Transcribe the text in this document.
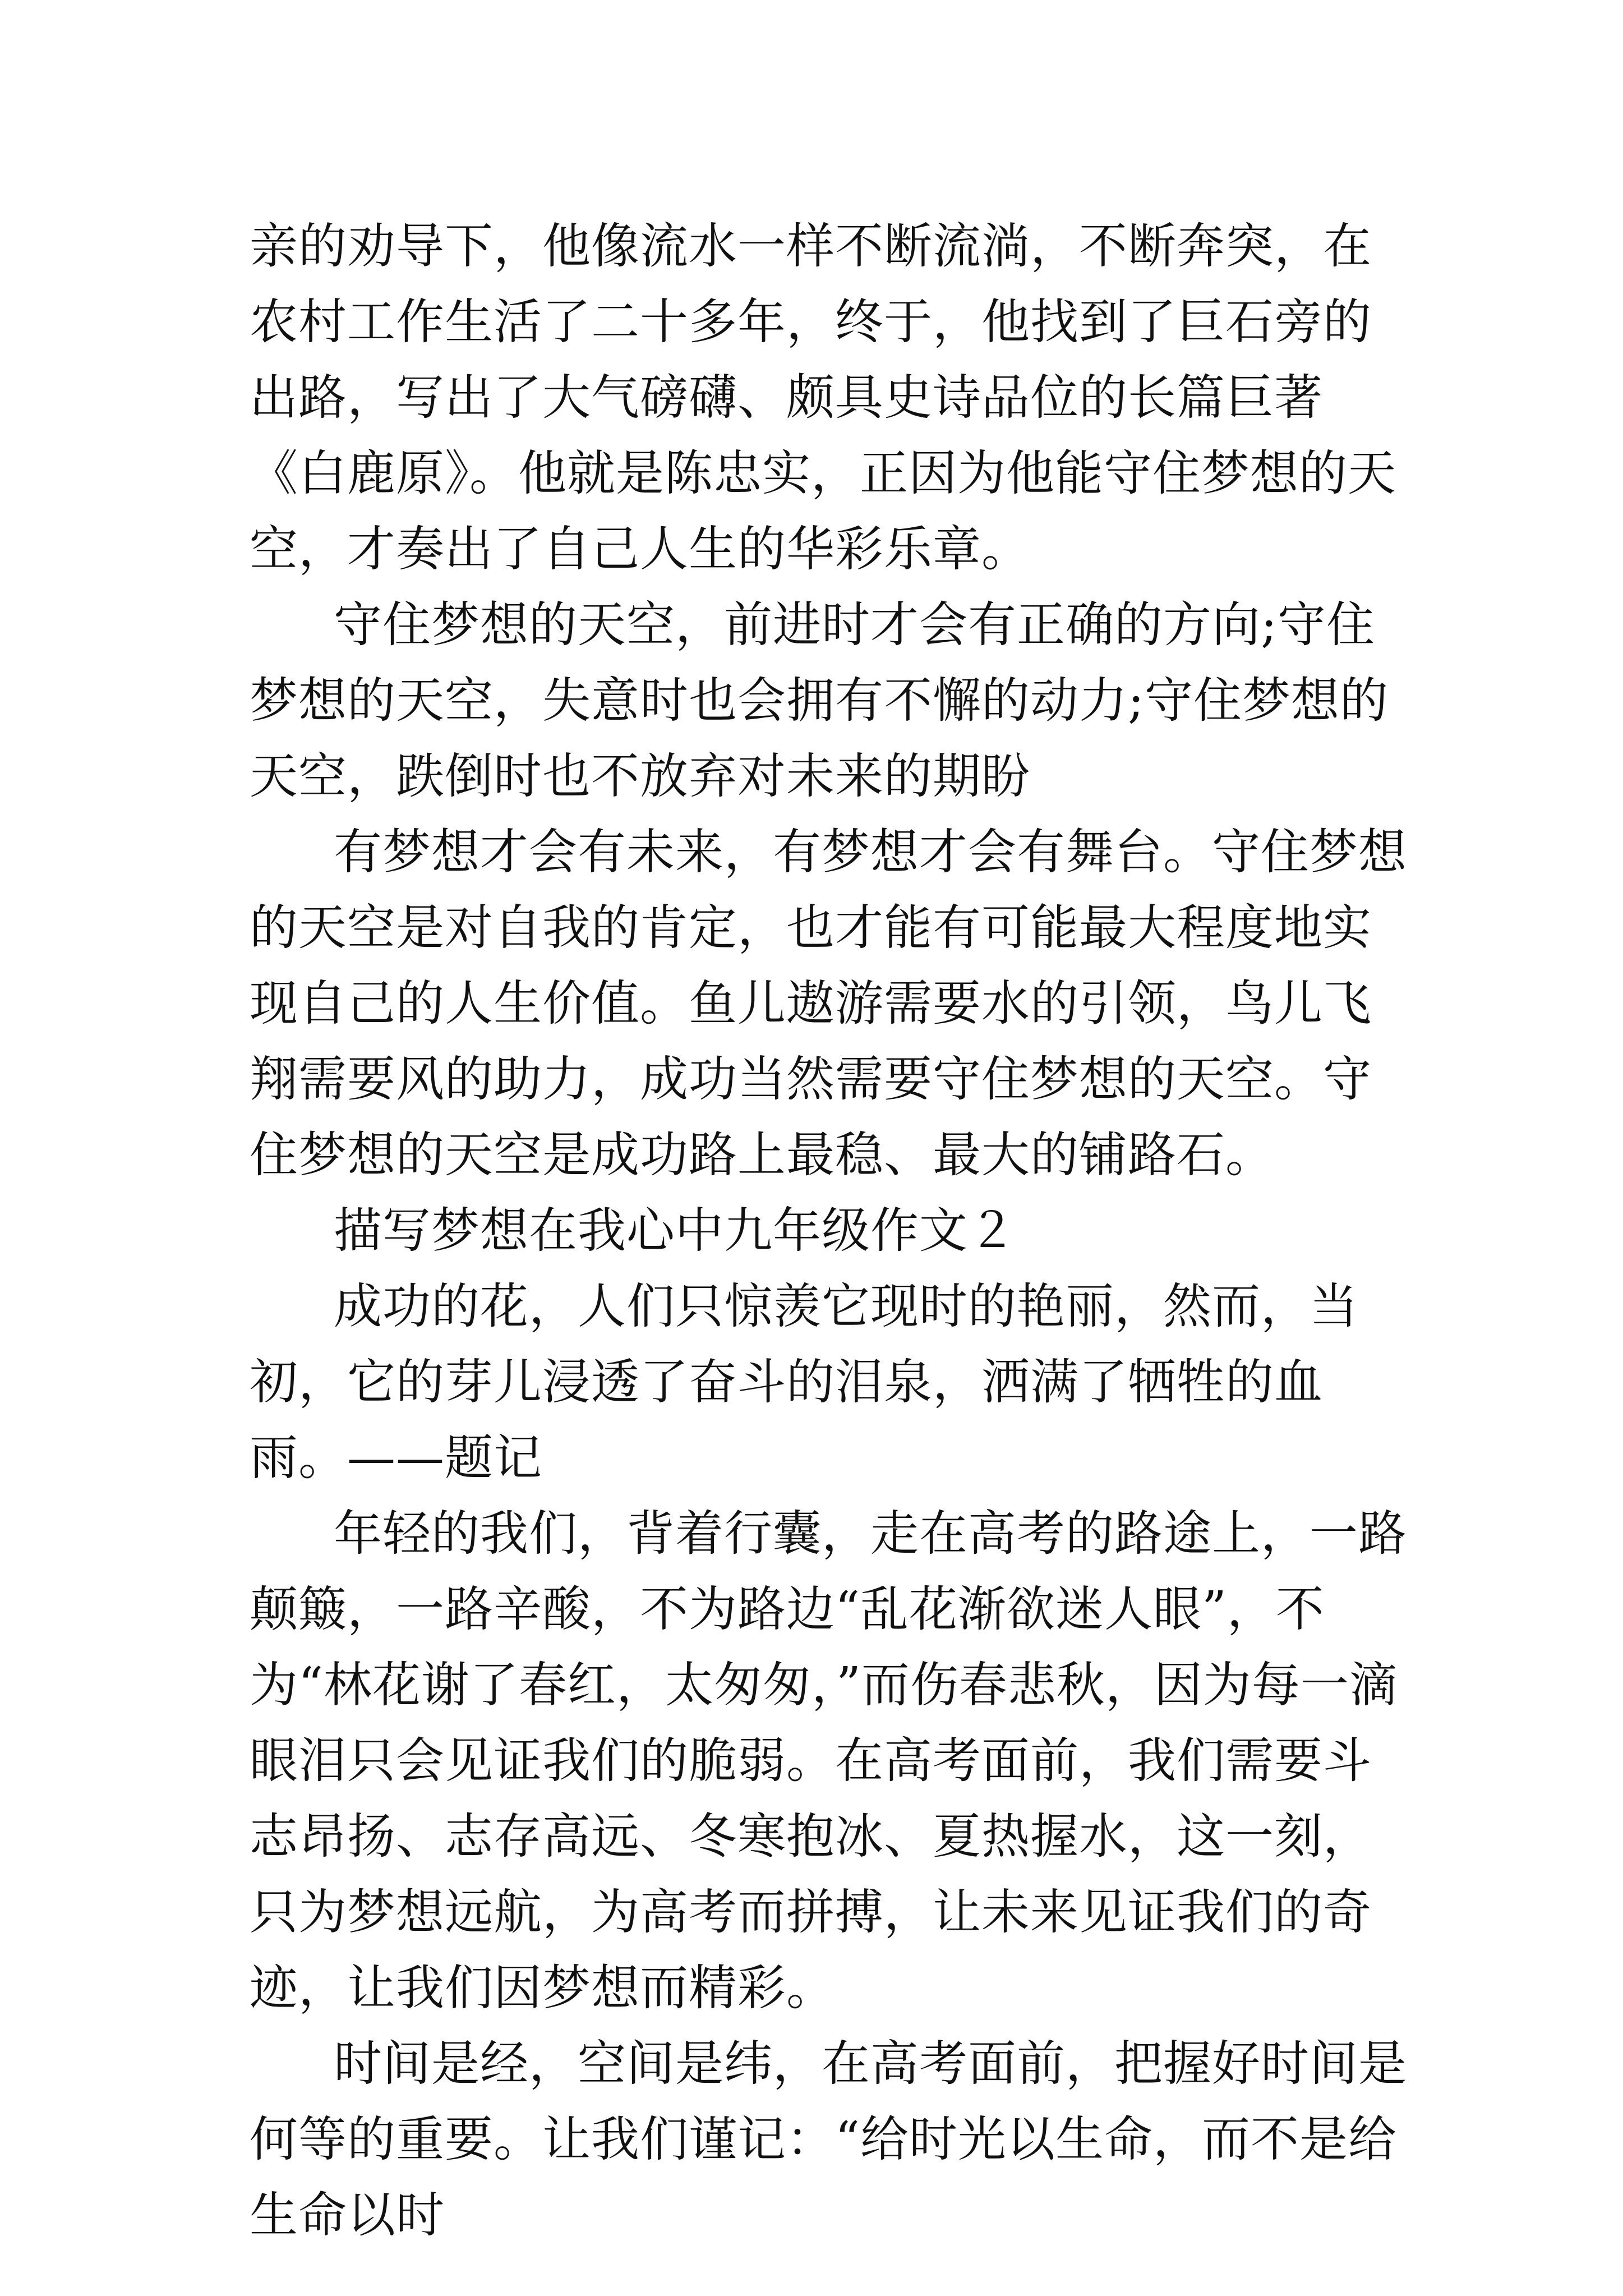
亲的劝导下，他像流水一样不断流淌，不断奔突，在农村工作生活了二十多年，终于，他找到了巨石旁的出路，写出了大气磅礴、颇具史诗品位的长篇巨著《白鹿原》。他就是陈忠实，正因为他能守住梦想的天空，才奏出了自己人生的华彩乐章。

守住梦想的天空，前进时才会有正确的方向;守住梦想的天空，失意时也会拥有不懈的动力;守住梦想的天空，跌倒时也不放弃对未来的期盼

有梦想才会有未来，有梦想才会有舞台。守住梦想的天空是对自我的肯定，也才能有可能最大程度地实现自己的人生价值。鱼儿遨游需要水的引领，鸟儿飞翔需要风的助力，成功当然需要守住梦想的天空。守住梦想的天空是成功路上最稳、最大的铺路石。

描写梦想在我心中九年级作文２

成功的花，人们只惊羡它现时的艳丽，然而，当初，它的芽儿浸透了奋斗的泪泉，洒满了牺牲的血雨。——题记

年轻的我们，背着行囊，走在高考的路途上，一路颠簸，一路辛酸，不为路边“乱花渐欲迷人眼”，不为“林花谢了春红，太匆匆，”而伤春悲秋，因为每一滴眼泪只会见证我们的脆弱。在高考面前，我们需要斗志昂扬、志存高远、冬寒抱冰、夏热握水，这一刻，只为梦想远航，为高考而拼搏，让未来见证我们的奇迹，让我们因梦想而精彩。

时间是经，空间是纬，在高考面前，把握好时间是何等的重要。让我们谨记：“给时光以生命，而不是给生命以时
